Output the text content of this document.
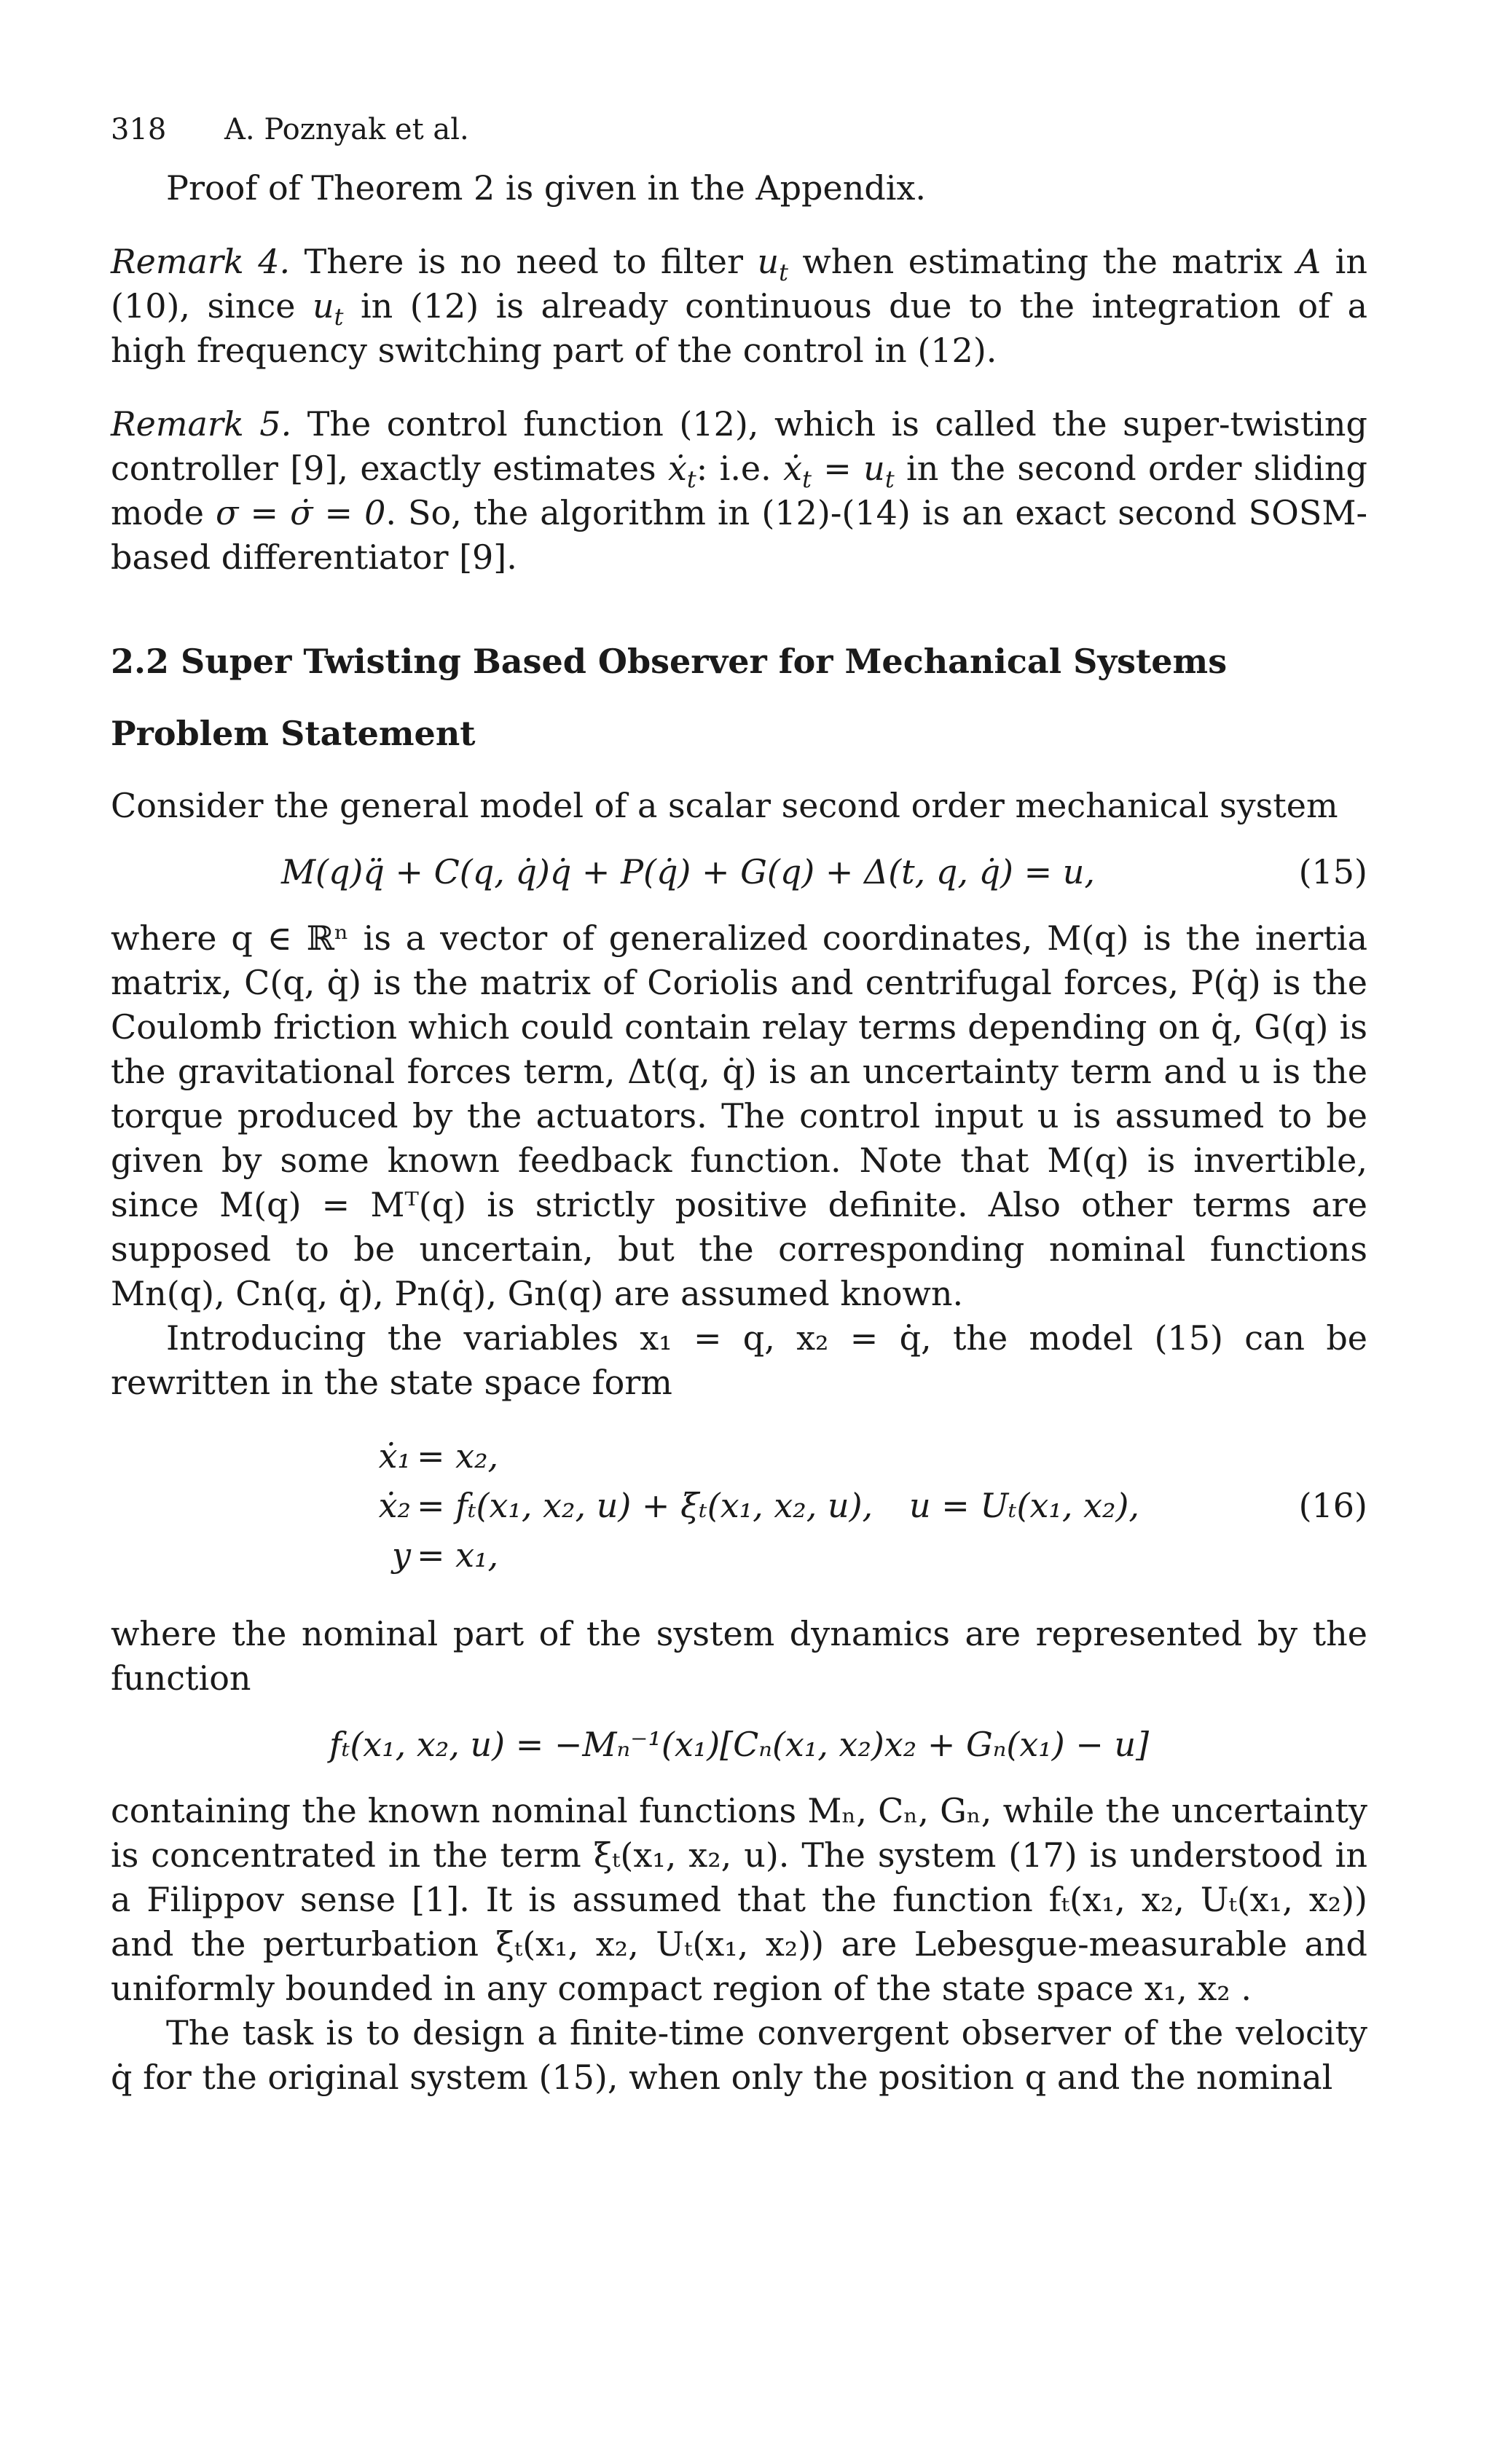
318 A. Poznyak et al.

Proof of Theorem 2 is given in the Appendix.

Remark 4. There is no need to filter $u_t$ when estimating the matrix A in (10), since $u_t$ in (12) is already continuous due to the integration of a high frequency switching part of the control in (12).

Remark 5. The control function (12), which is called the super-twisting controller [9], exactly estimates ẋ$_t$: i.e. ẋ$_t$ = $u_t$ in the second order sliding mode σ = σ̇ = 0. So, the algorithm in (12)-(14) is an exact second SOSM-based differentiator [9].

2.2 Super Twisting Based Observer for Mechanical Systems
Problem Statement

Consider the general model of a scalar second order mechanical system

M(q)q̈ + C(q, q̇)q̇ + P(q̇) + G(q) + Δ(t, q, q̇) = u,	(15)

where q ∈ ℝⁿ is a vector of generalized coordinates, M(q) is the inertia matrix, C(q, q̇) is the matrix of Coriolis and centrifugal forces, P(q̇) is the Coulomb friction which could contain relay terms depending on q̇, G(q) is the gravitational forces term, Δt(q, q̇) is an uncertainty term and u is the torque produced by the actuators. The control input u is assumed to be given by some known feedback function. Note that M(q) is invertible, since M(q) = Mᵀ(q) is strictly positive definite. Also other terms are supposed to be uncertain, but the corresponding nominal functions Mn(q), Cn(q, q̇), Pn(q̇), Gn(q) are assumed known.

Introducing the variables x₁ = q, x₂ = q̇, the model (15) can be rewritten in the state space form

ẋ₁ = x₂,
ẋ₂ = fₜ(x₁, x₂, u) + ξₜ(x₁, x₂, u), u = Uₜ(x₁, x₂),	(16)
y = x₁,

where the nominal part of the system dynamics are represented by the function

fₜ(x₁, x₂, u) = −Mₙ⁻¹(x₁)[Cₙ(x₁, x₂)x₂ + Gₙ(x₁) − u]

containing the known nominal functions Mₙ, Cₙ, Gₙ, while the uncertainty is concentrated in the term ξₜ(x₁, x₂, u). The system (17) is understood in a Filippov sense [1]. It is assumed that the function fₜ(x₁, x₂, Uₜ(x₁, x₂)) and the perturbation ξₜ(x₁, x₂, Uₜ(x₁, x₂)) are Lebesgue-measurable and uniformly bounded in any compact region of the state space x₁, x₂ .

The task is to design a finite-time convergent observer of the velocity q̇ for the original system (15), when only the position q and the nominal
